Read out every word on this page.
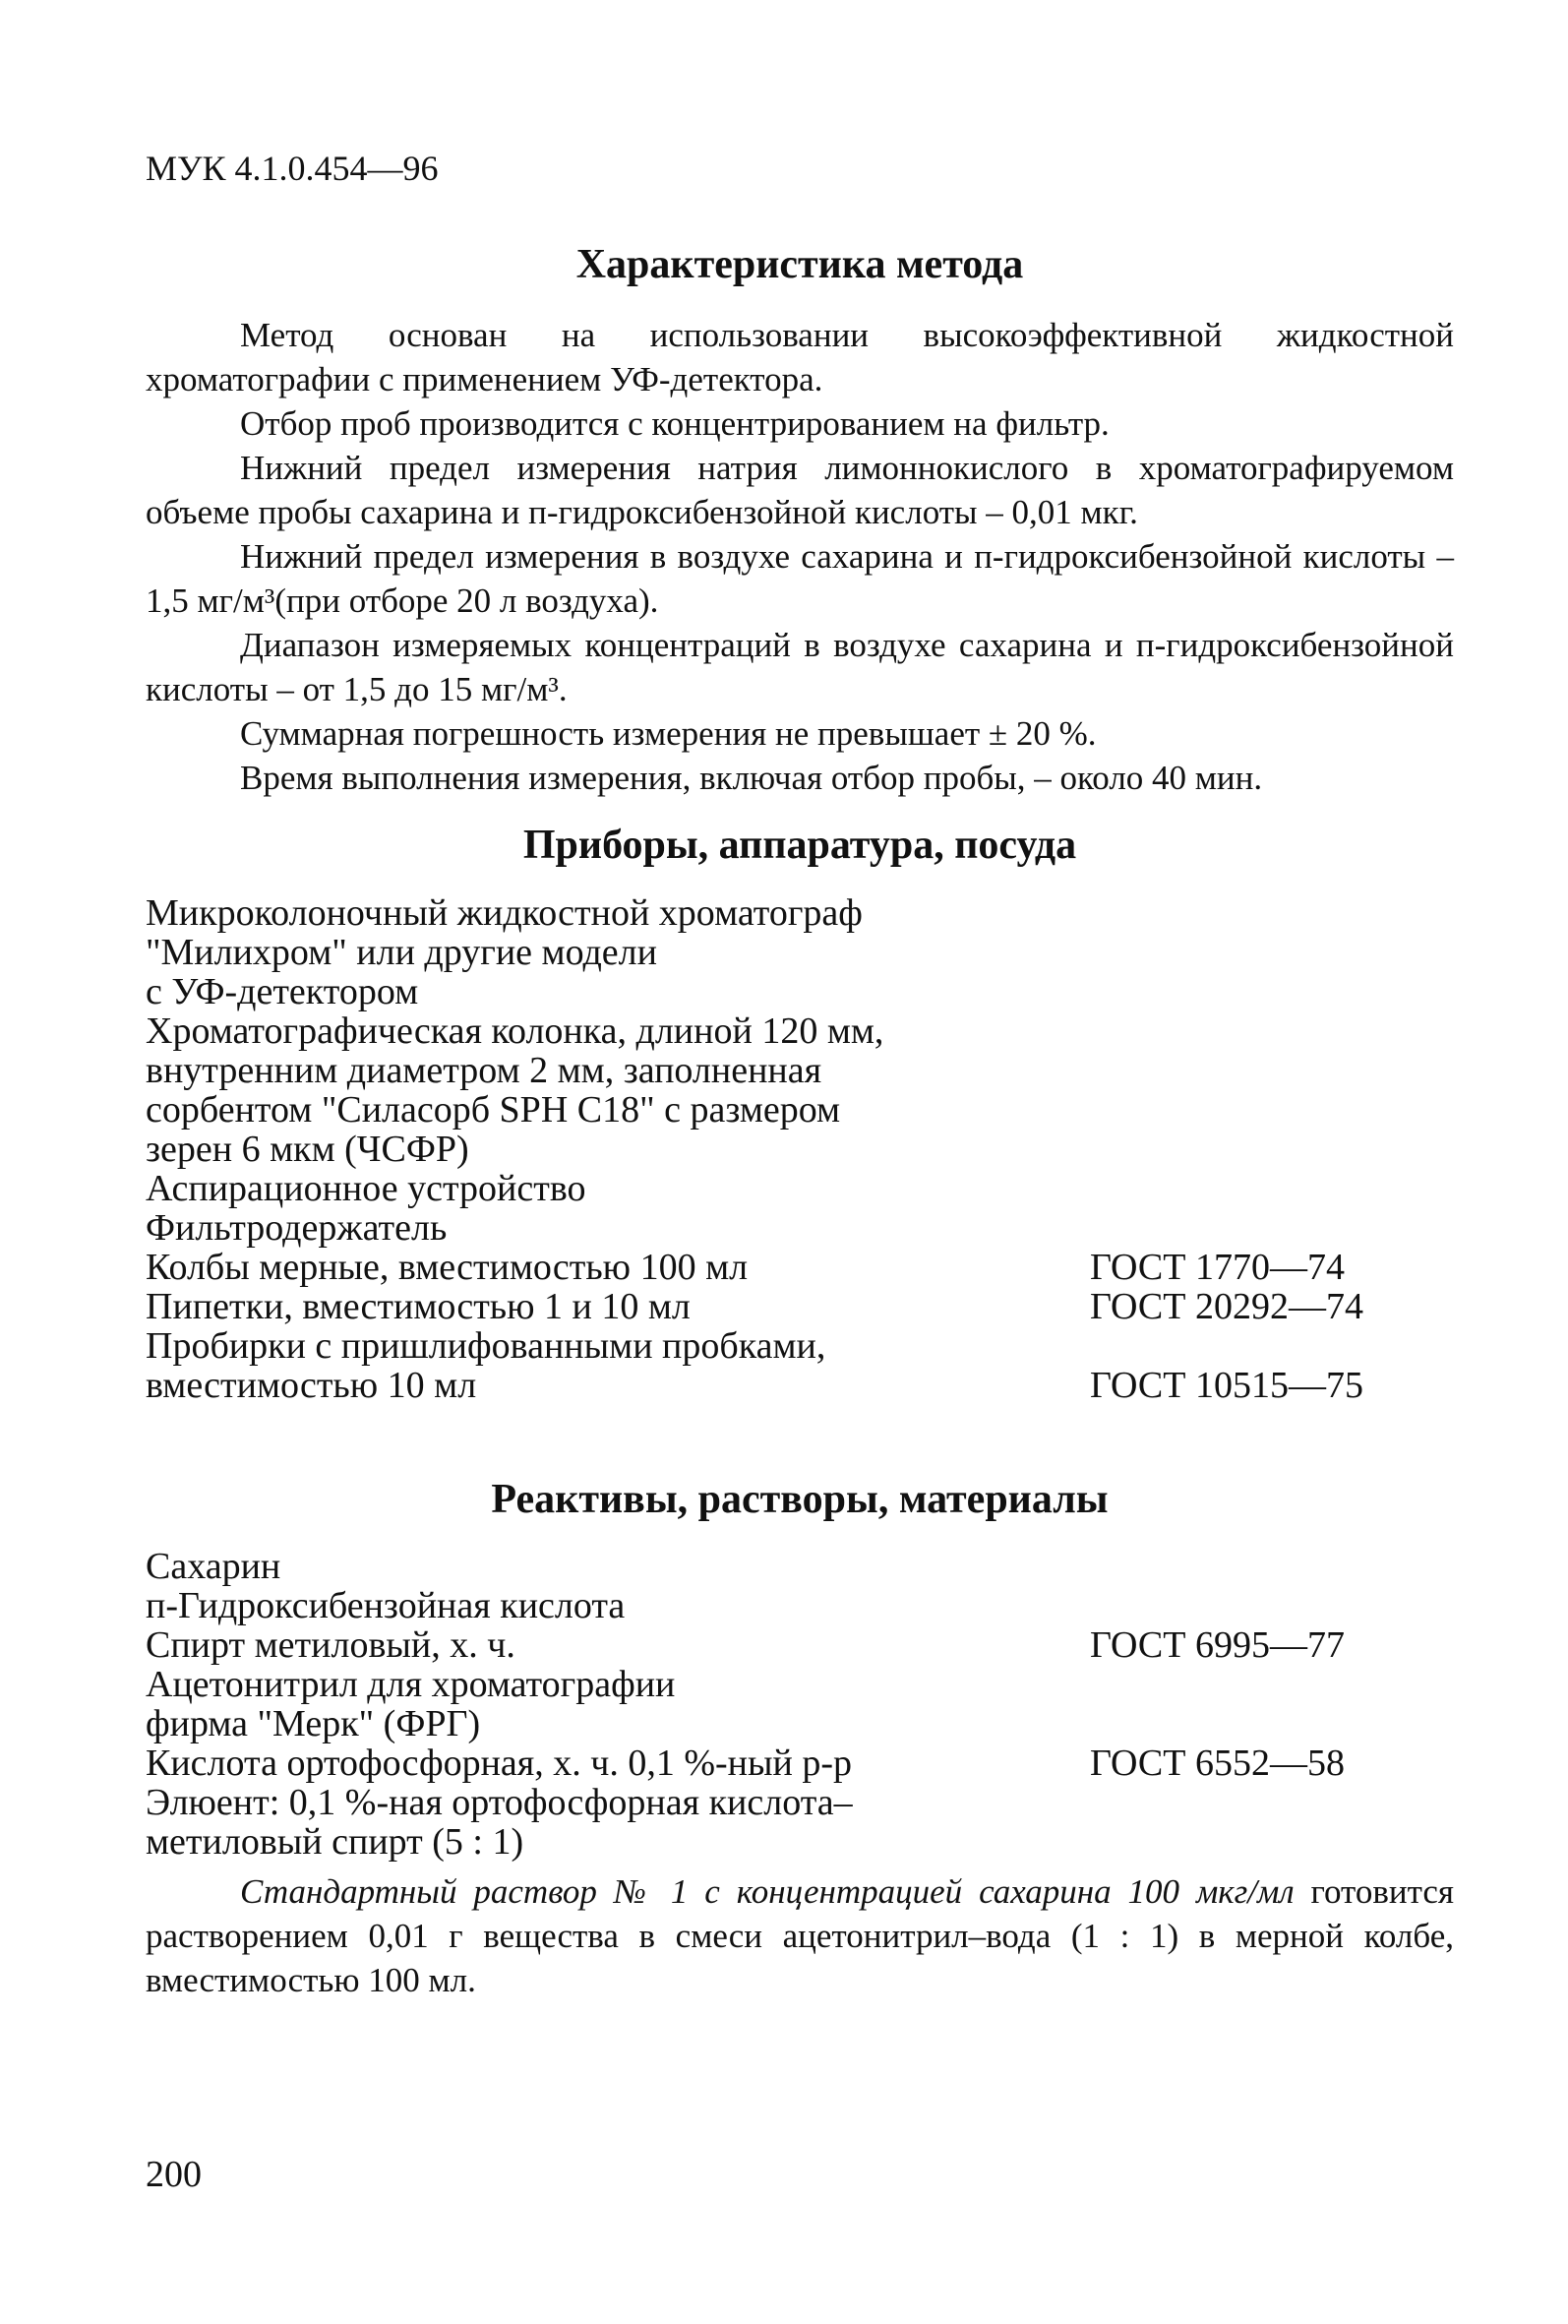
МУК 4.1.0.454—96
Характеристика метода

Метод основан на использовании высокоэффективной жидкостной хроматографии с применением УФ-детектора.

Отбор проб производится с концентрированием на фильтр.

Нижний предел измерения натрия лимоннокислого в хроматографируемом объеме пробы сахарина и п-гидроксибензойной кислоты – 0,01 мкг.

Нижний предел измерения в воздухе сахарина и п-гидроксибензойной кислоты – 1,5 мг/м³(при отборе 20 л воздуха).

Диапазон измеряемых концентраций в воздухе сахарина и п-гидроксибензойной кислоты – от 1,5 до 15 мг/м³.

Суммарная погрешность измерения не превышает ± 20 %.

Время выполнения измерения, включая отбор пробы, – около 40 мин.

Приборы, аппаратура, посуда
Микроколоночный жидкостной хроматограф
"Милихром" или другие модели
с УФ-детектором
Хроматографическая колонка, длиной 120 мм,
внутренним диаметром 2 мм, заполненная
сорбентом "Силасорб SPH C18" с размером
зерен 6 мкм (ЧСФР)
Аспирационное устройство
Фильтродержатель
Колбы мерные, вместимостью 100 мл	ГОСТ 1770—74
Пипетки, вместимостью 1 и 10 мл	ГОСТ 20292—74
Пробирки с пришлифованными пробками,
вместимостью 10 мл	ГОСТ 10515—75
Реактивы, растворы, материалы
Сахарин
п-Гидроксибензойная кислота
Спирт метиловый, х. ч.	ГОСТ 6995—77
Ацетонитрил для хроматографии
фирма "Мерк" (ФРГ)
Кислота ортофосфорная, х. ч. 0,1 %-ный р-р	ГОСТ 6552—58
Элюент: 0,1 %-ная ортофосфорная кислота–
метиловый спирт (5 : 1)

Стандартный раствор № 1 с концентрацией сахарина 100 мкг/мл готовится растворением 0,01 г вещества в смеси ацетонитрил–вода (1 : 1) в мерной колбе, вместимостью 100 мл.

200
